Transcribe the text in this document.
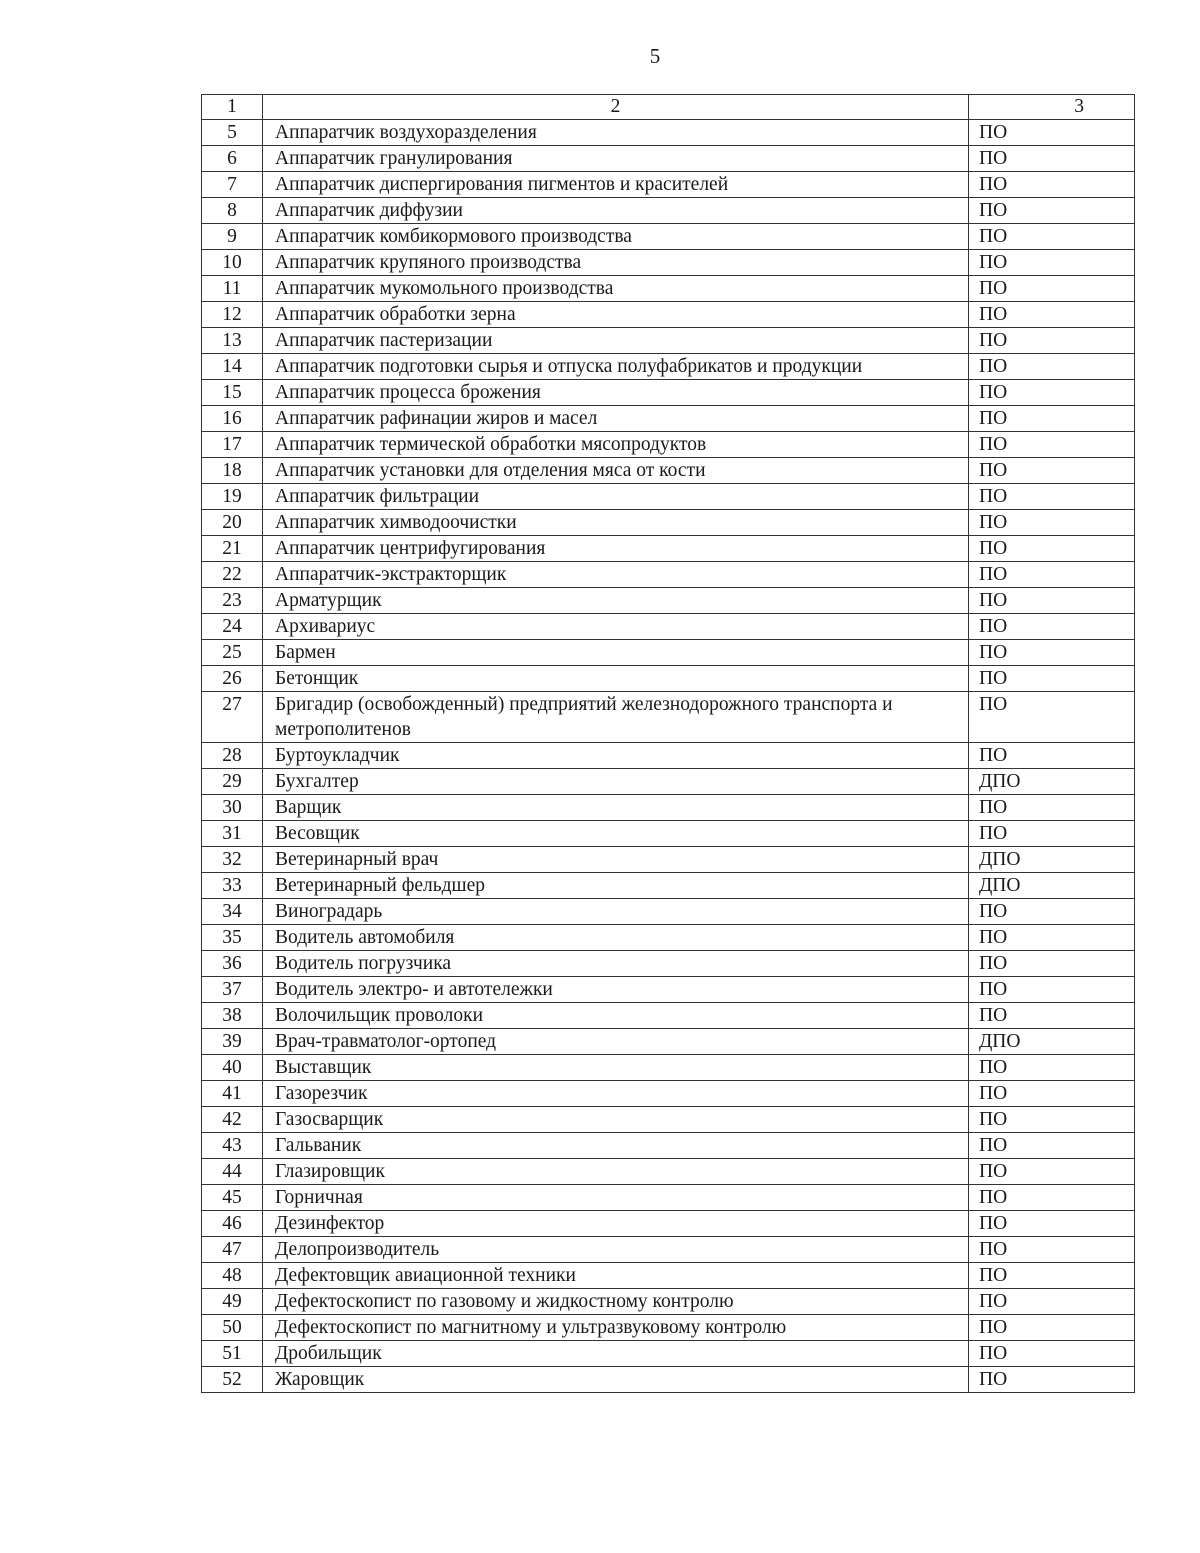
5
1	2	3
5	Аппаратчик воздухоразделения	ПО
6	Аппаратчик гранулирования	ПО
7	Аппаратчик диспергирования пигментов и красителей	ПО
8	Аппаратчик диффузии	ПО
9	Аппаратчик комбикормового производства	ПО
10	Аппаратчик крупяного производства	ПО
11	Аппаратчик мукомольного производства	ПО
12	Аппаратчик обработки зерна	ПО
13	Аппаратчик пастеризации	ПО
14	Аппаратчик подготовки сырья и отпуска полуфабрикатов и продукции	ПО
15	Аппаратчик процесса брожения	ПО
16	Аппаратчик рафинации жиров и масел	ПО
17	Аппаратчик термической обработки мясопродуктов	ПО
18	Аппаратчик установки для отделения мяса от кости	ПО
19	Аппаратчик фильтрации	ПО
20	Аппаратчик химводоочистки	ПО
21	Аппаратчик центрифугирования	ПО
22	Аппаратчик-экстракторщик	ПО
23	Арматурщик	ПО
24	Архивариус	ПО
25	Бармен	ПО
26	Бетонщик	ПО
27	Бригадир (освобожденный) предприятий железнодорожного транспорта и метрополитенов	ПО
28	Буртоукладчик	ПО
29	Бухгалтер	ДПО
30	Варщик	ПО
31	Весовщик	ПО
32	Ветеринарный врач	ДПО
33	Ветеринарный фельдшер	ДПО
34	Виноградарь	ПО
35	Водитель автомобиля	ПО
36	Водитель погрузчика	ПО
37	Водитель электро- и автотележки	ПО
38	Волочильщик проволоки	ПО
39	Врач-травматолог-ортопед	ДПО
40	Выставщик	ПО
41	Газорезчик	ПО
42	Газосварщик	ПО
43	Гальваник	ПО
44	Глазировщик	ПО
45	Горничная	ПО
46	Дезинфектор	ПО
47	Делопроизводитель	ПО
48	Дефектовщик авиационной техники	ПО
49	Дефектоскопист по газовому и жидкостному контролю	ПО
50	Дефектоскопист по магнитному и ультразвуковому контролю	ПО
51	Дробильщик	ПО
52	Жаровщик	ПО
